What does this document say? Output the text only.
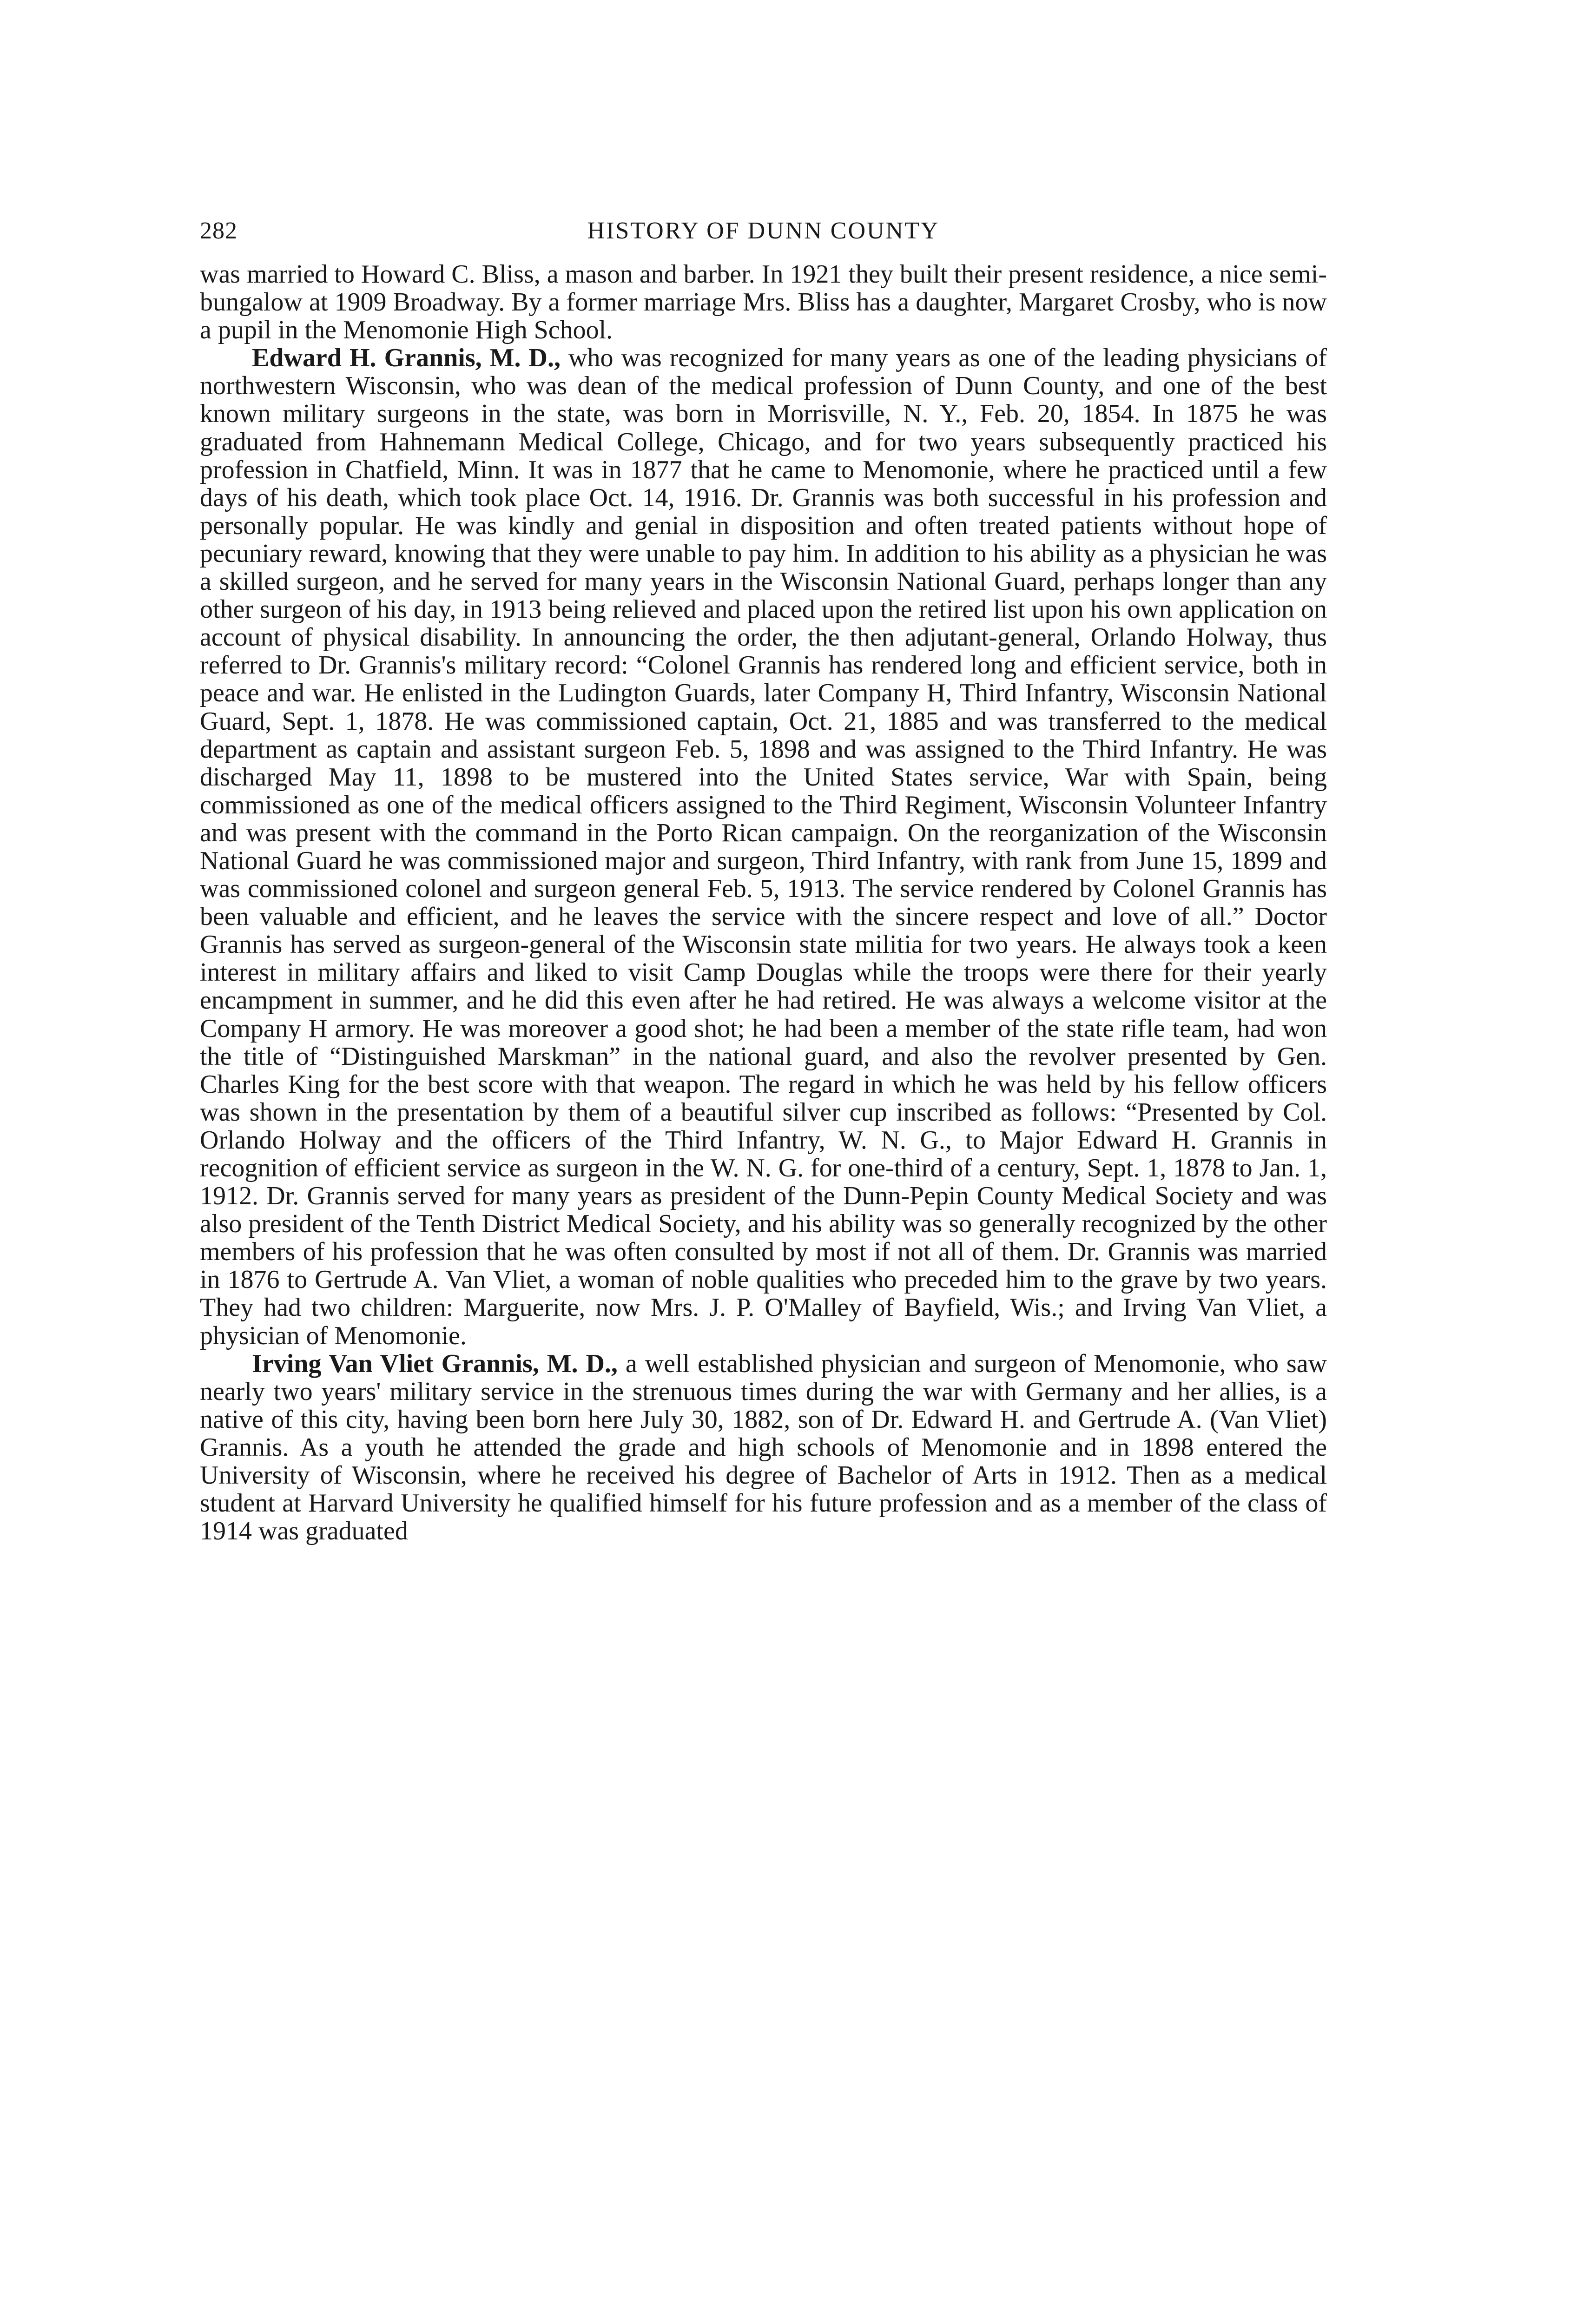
282	HISTORY OF DUNN COUNTY

was married to Howard C. Bliss, a mason and barber. In 1921 they built their present residence, a nice semi-bungalow at 1909 Broadway. By a former marriage Mrs. Bliss has a daughter, Margaret Crosby, who is now a pupil in the Menomonie High School.

Edward H. Grannis, M. D., who was recognized for many years as one of the leading physicians of northwestern Wisconsin, who was dean of the medical profession of Dunn County, and one of the best known military surgeons in the state, was born in Morrisville, N. Y., Feb. 20, 1854. In 1875 he was graduated from Hahnemann Medical College, Chicago, and for two years subsequently practiced his profession in Chatfield, Minn. It was in 1877 that he came to Menomonie, where he practiced until a few days of his death, which took place Oct. 14, 1916. Dr. Grannis was both successful in his profession and personally popular. He was kindly and genial in disposition and often treated patients without hope of pecuniary reward, knowing that they were unable to pay him. In addition to his ability as a physician he was a skilled surgeon, and he served for many years in the Wisconsin National Guard, perhaps longer than any other surgeon of his day, in 1913 being relieved and placed upon the retired list upon his own application on account of physical disability. In announcing the order, the then adjutant-general, Orlando Holway, thus referred to Dr. Grannis's military record: “Colonel Grannis has rendered long and efficient service, both in peace and war. He enlisted in the Ludington Guards, later Company H, Third Infantry, Wisconsin National Guard, Sept. 1, 1878. He was commissioned captain, Oct. 21, 1885 and was transferred to the medical department as captain and assistant surgeon Feb. 5, 1898 and was assigned to the Third Infantry. He was discharged May 11, 1898 to be mustered into the United States service, War with Spain, being commissioned as one of the medical officers assigned to the Third Regiment, Wisconsin Volunteer Infantry and was present with the command in the Porto Rican campaign. On the reorganization of the Wisconsin National Guard he was commissioned major and surgeon, Third Infantry, with rank from June 15, 1899 and was commissioned colonel and surgeon general Feb. 5, 1913. The service rendered by Colonel Grannis has been valuable and efficient, and he leaves the service with the sincere respect and love of all.” Doctor Grannis has served as surgeon-general of the Wisconsin state militia for two years. He always took a keen interest in military affairs and liked to visit Camp Douglas while the troops were there for their yearly encampment in summer, and he did this even after he had retired. He was always a welcome visitor at the Company H armory. He was moreover a good shot; he had been a member of the state rifle team, had won the title of “Distinguished Marskman” in the national guard, and also the revolver presented by Gen. Charles King for the best score with that weapon. The regard in which he was held by his fellow officers was shown in the presentation by them of a beautiful silver cup inscribed as follows: “Presented by Col. Orlando Holway and the officers of the Third Infantry, W. N. G., to Major Edward H. Grannis in recognition of efficient service as surgeon in the W. N. G. for one-third of a century, Sept. 1, 1878 to Jan. 1, 1912. Dr. Grannis served for many years as president of the Dunn-Pepin County Medical Society and was also president of the Tenth District Medical Society, and his ability was so generally recognized by the other members of his profession that he was often consulted by most if not all of them. Dr. Grannis was married in 1876 to Gertrude A. Van Vliet, a woman of noble qualities who preceded him to the grave by two years. They had two children: Marguerite, now Mrs. J. P. O'Malley of Bayfield, Wis.; and Irving Van Vliet, a physician of Menomonie.

Irving Van Vliet Grannis, M. D., a well established physician and surgeon of Menomonie, who saw nearly two years' military service in the strenuous times during the war with Germany and her allies, is a native of this city, having been born here July 30, 1882, son of Dr. Edward H. and Gertrude A. (Van Vliet) Grannis. As a youth he attended the grade and high schools of Menomonie and in 1898 entered the University of Wisconsin, where he received his degree of Bachelor of Arts in 1912. Then as a medical student at Harvard University he qualified himself for his future profession and as a member of the class of 1914 was graduated
